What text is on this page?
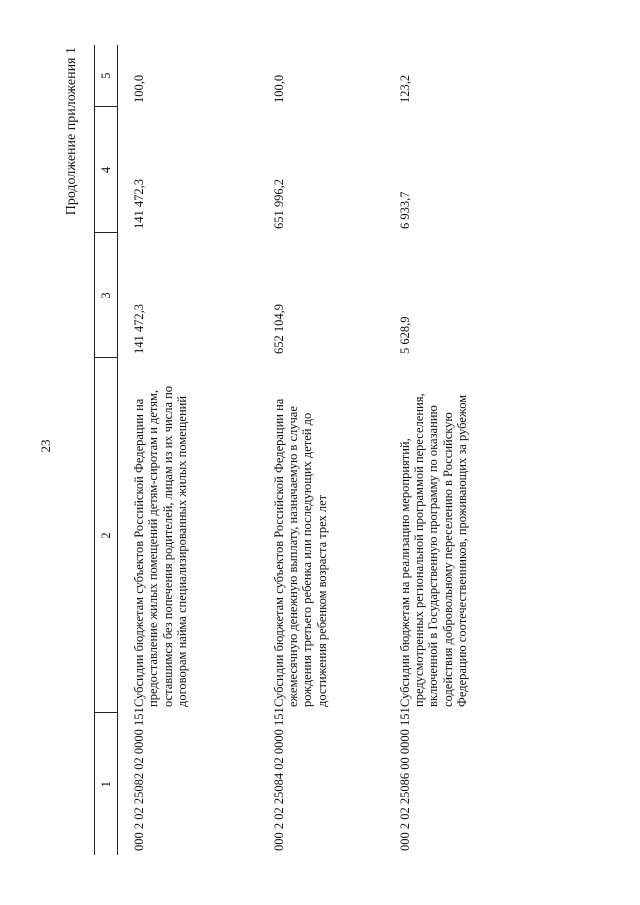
23
Продолжение приложения 1
1	2	3	4	5
000 2 02 25082 02 0000 151	Субсидии бюджетам субъектов Российской Федерации на предоставление жилых помещений детям-сиротам и детям, оставшимся без попечения родителей, лицам из их числа по договорам найма специализированных жилых помещений	141 472,3	141 472,3	100,0
000 2 02 25084 02 0000 151	Субсидии бюджетам субъектов Российской Федерации на ежемесячную денежную выплату, назначаемую в случае рождения третьего ребенка или последующих детей до достижения ребенком возраста трех лет	652 104,9	651 996,2	100,0
000 2 02 25086 00 0000 151	Субсидии бюджетам на реализацию мероприятий, предусмотренных региональной программой переселения, включенной в Государственную программу по оказанию содействия добровольному переселению в Российскую Федерацию соотечественников, проживающих за рубежом	5 628,9	6 933,7	123,2
